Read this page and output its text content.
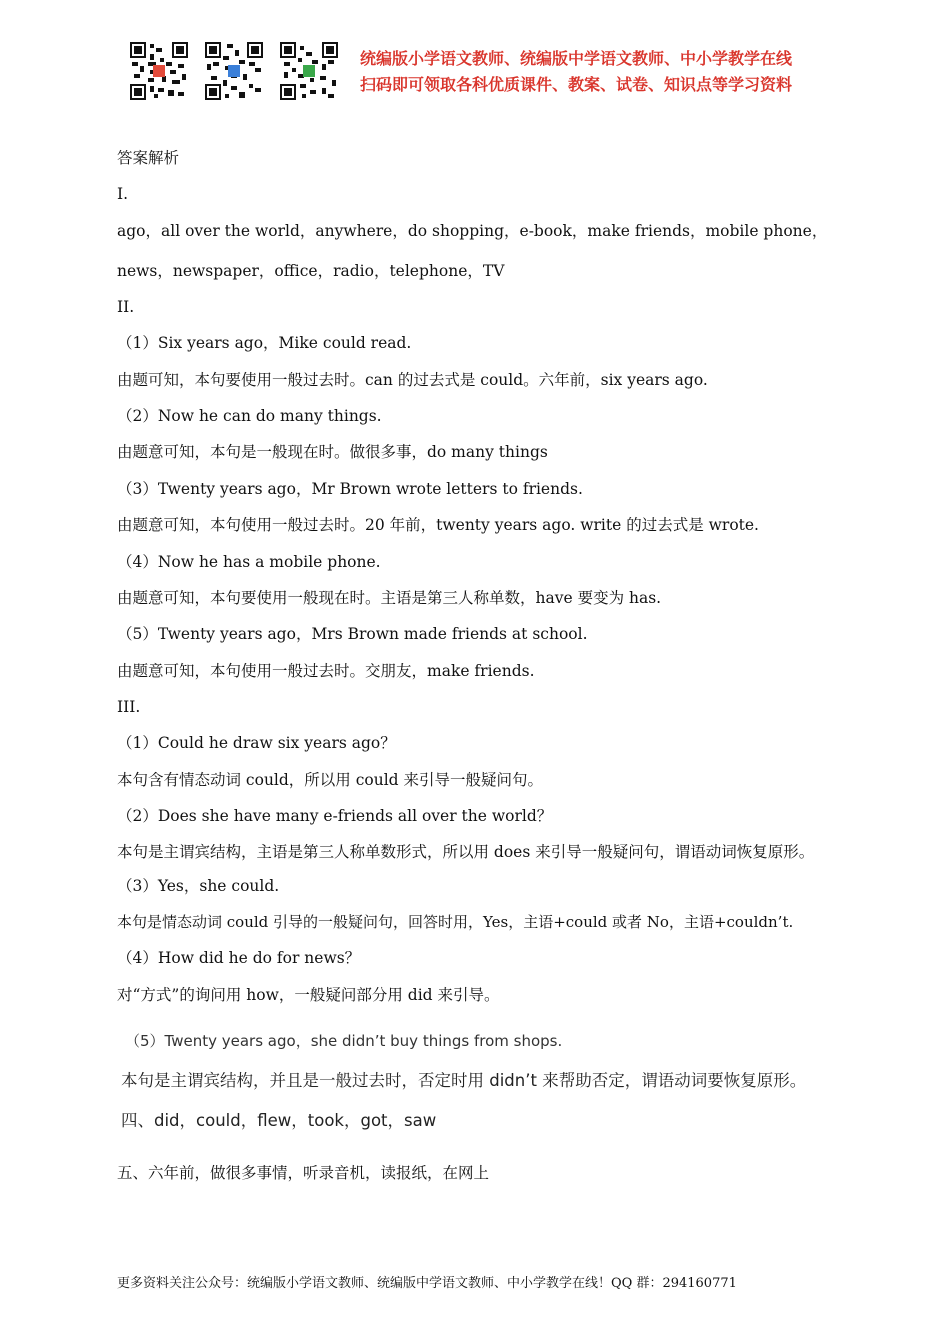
统编版小学语文教师、统编版中学语文教师、中小学教学在线
扫码即可领取各科优质课件、教案、试卷、知识点等学习资料
答案解析
I.
ago，all over the world，anywhere，do shopping，e-book，make friends，mobile phone，news，newspaper，office，radio，telephone，TV
II.
（1）Six years ago，Mike could read.
由题可知，本句要使用一般过去时。can 的过去式是 could。六年前，six years ago.
（2）Now he can do many things.
由题意可知，本句是一般现在时。做很多事，do many things
（3）Twenty years ago，Mr Brown wrote letters to friends.
由题意可知，本句使用一般过去时。20 年前，twenty years ago. write 的过去式是 wrote.
（4）Now he has a mobile phone.
由题意可知，本句要使用一般现在时。主语是第三人称单数，have 要变为 has.
（5）Twenty years ago，Mrs Brown made friends at school.
由题意可知，本句使用一般过去时。交朋友，make friends.
III.
（1）Could he draw six years ago？
本句含有情态动词 could，所以用 could 来引导一般疑问句。
（2）Does she have many e-friends all over the world？
本句是主谓宾结构，主语是第三人称单数形式，所以用 does 来引导一般疑问句，谓语动词恢复原形。
（3）Yes，she could.
本句是情态动词 could 引导的一般疑问句，回答时用，Yes，主语+could 或者 No，主语+couldn’t.
（4）How did he do for news？
对“方式”的询问用 how，一般疑问部分用 did 来引导。
（5）Twenty years ago，she didn’t buy things from shops.
本句是主谓宾结构，并且是一般过去时，否定时用 didn’t 来帮助否定，谓语动词要恢复原形。
四、did，could，flew，took，got，saw
五、六年前，做很多事情，听录音机，读报纸，在网上
更多资料关注公众号：统编版小学语文教师、统编版中学语文教师、中小学教学在线！QQ 群：294160771
